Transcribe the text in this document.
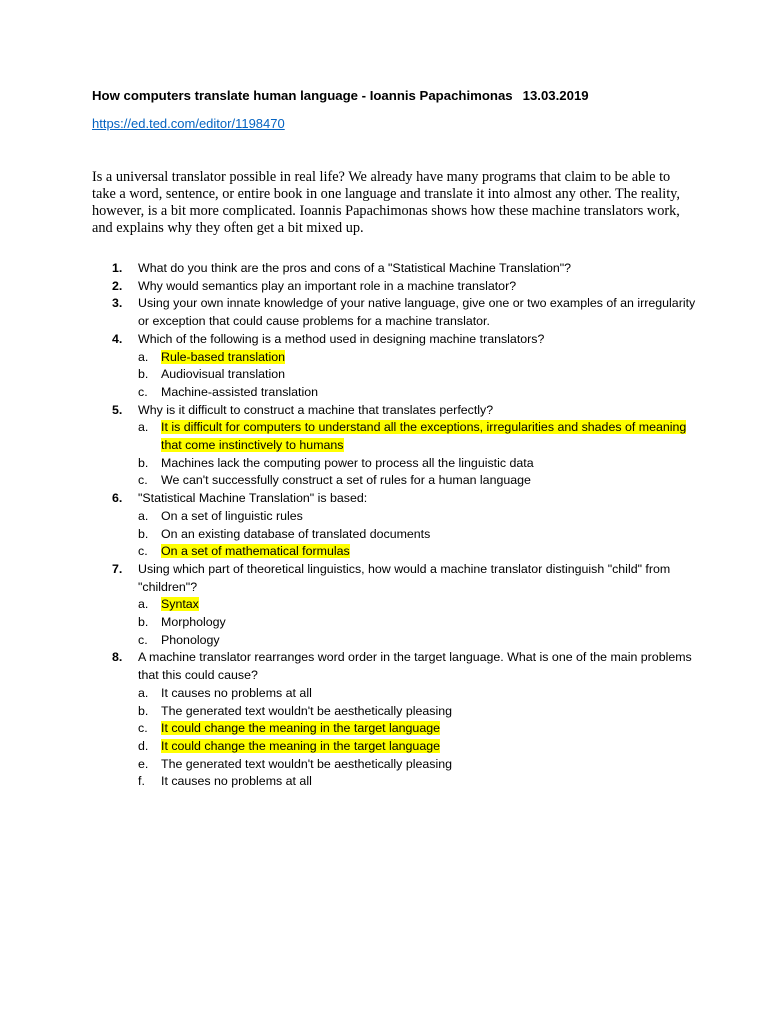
How computers translate human language - Ioannis Papachimonas 13.03.2019

https://ed.ted.com/editor/1198470

Is a universal translator possible in real life? We already have many programs that claim to be able to take a word, sentence, or entire book in one language and translate it into almost any other. The reality, however, is a bit more complicated. Ioannis Papachimonas shows how these machine translators work, and explains why they often get a bit mixed up.

1.	What do you think are the pros and cons of a "Statistical Machine Translation"?
2.	Why would semantics play an important role in a machine translator?
3.	Using your own innate knowledge of your native language, give one or two examples of an irregularity or exception that could cause problems for a machine translator.
4.	Which of the following is a method used in designing machine translators?
a.	Rule-based translation
b.	Audiovisual translation
c.	Machine-assisted translation
5.	Why is it difficult to construct a machine that translates perfectly?
a.	It is difficult for computers to understand all the exceptions, irregularities and shades of meaning that come instinctively to humans
b.	Machines lack the computing power to process all the linguistic data
c.	We can't successfully construct a set of rules for a human language
6.	"Statistical Machine Translation" is based:
a.	On a set of linguistic rules
b.	On an existing database of translated documents
c.	On a set of mathematical formulas
7.	Using which part of theoretical linguistics, how would a machine translator distinguish "child" from "children"?
a.	Syntax
b.	Morphology
c.	Phonology
8.	A machine translator rearranges word order in the target language. What is one of the main problems that this could cause?
a.	It causes no problems at all
b.	The generated text wouldn't be aesthetically pleasing
c.	It could change the meaning in the target language
d.	It could change the meaning in the target language
e.	The generated text wouldn't be aesthetically pleasing
f.	It causes no problems at all
